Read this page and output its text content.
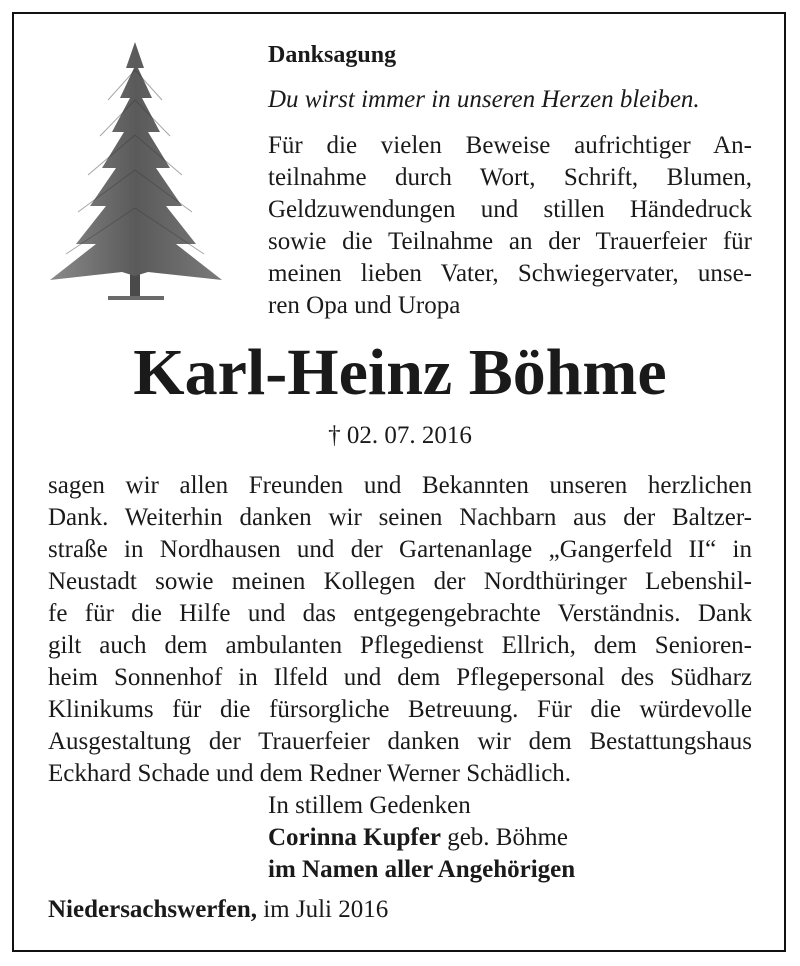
Danksagung
Du wirst immer in unseren Herzen bleiben.
Für die vielen Beweise aufrichtiger An-
teilnahme durch Wort, Schrift, Blumen,
Geldzuwendungen und stillen Händedruck
sowie die Teilnahme an der Trauerfeier für
meinen lieben Vater, Schwiegervater, unse-
ren Opa und Uropa
Karl-Heinz Böhme
† 02. 07. 2016
sagen wir allen Freunden und Bekannten unseren herzlichen
Dank. Weiterhin danken wir seinen Nachbarn aus der Baltzer-
straße in Nordhausen und der Gartenanlage „Gangerfeld II“ in
Neustadt sowie meinen Kollegen der Nordthüringer Lebenshil-
fe für die Hilfe und das entgegengebrachte Verständnis. Dank
gilt auch dem ambulanten Pflegedienst Ellrich, dem Senioren-
heim Sonnenhof in Ilfeld und dem Pflegepersonal des Südharz
Klinikums für die fürsorgliche Betreuung. Für die würdevolle
Ausgestaltung der Trauerfeier danken wir dem Bestattungshaus
Eckhard Schade und dem Redner Werner Schädlich.
In stillem Gedenken
Corinna Kupfer geb. Böhme
im Namen aller Angehörigen
Niedersachswerfen, im Juli 2016
